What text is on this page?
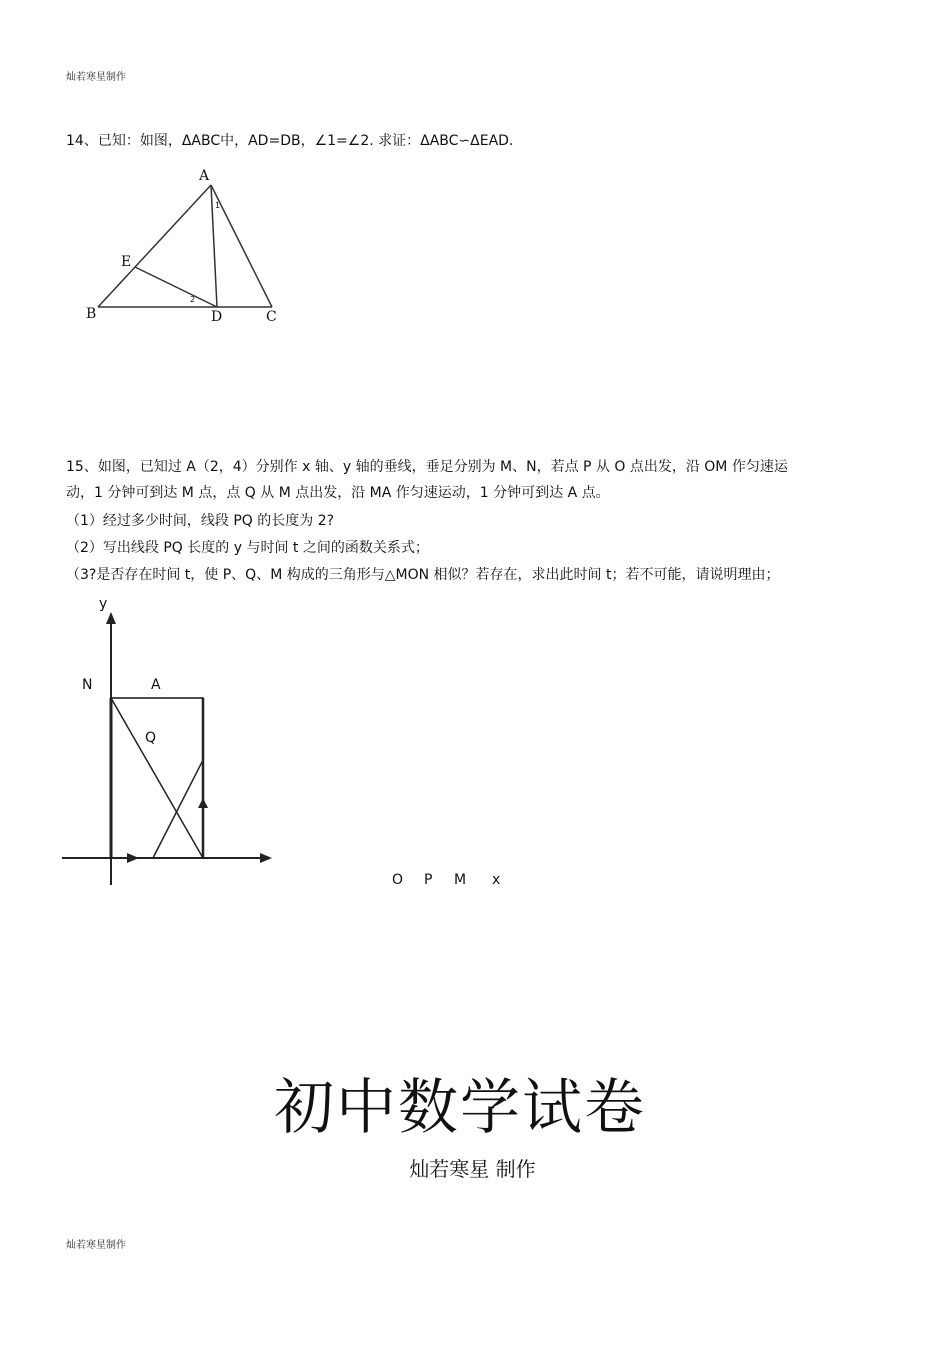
灿若寒星制作
14、已知：如图，ΔABC中，AD=DB，∠1=∠2. 求证：ΔABC∽ΔEAD.
A
E
B	D	C
1
2
15、如图，已知过 A（2，4）分别作 x 轴、y 轴的垂线，垂足分别为 M、N，若点 P 从 O 点出发，沿 OM 作匀速运
动，1 分钟可到达 M 点，点 Q 从 M 点出发，沿 MA 作匀速运动，1 分钟可到达 A 点。
（1）经过多少时间，线段 PQ 的长度为 2?
（2）写出线段 PQ 长度的 y 与时间 t 之间的函数关系式；
（3?是否存在时间 t，使 P、Q、M 构成的三角形与△MON 相似？若存在，求出此时间 t；若不可能，请说明理由；
y
N	A
Q
O P M x
初中数学试卷
灿若寒星 制作
灿若寒星制作
